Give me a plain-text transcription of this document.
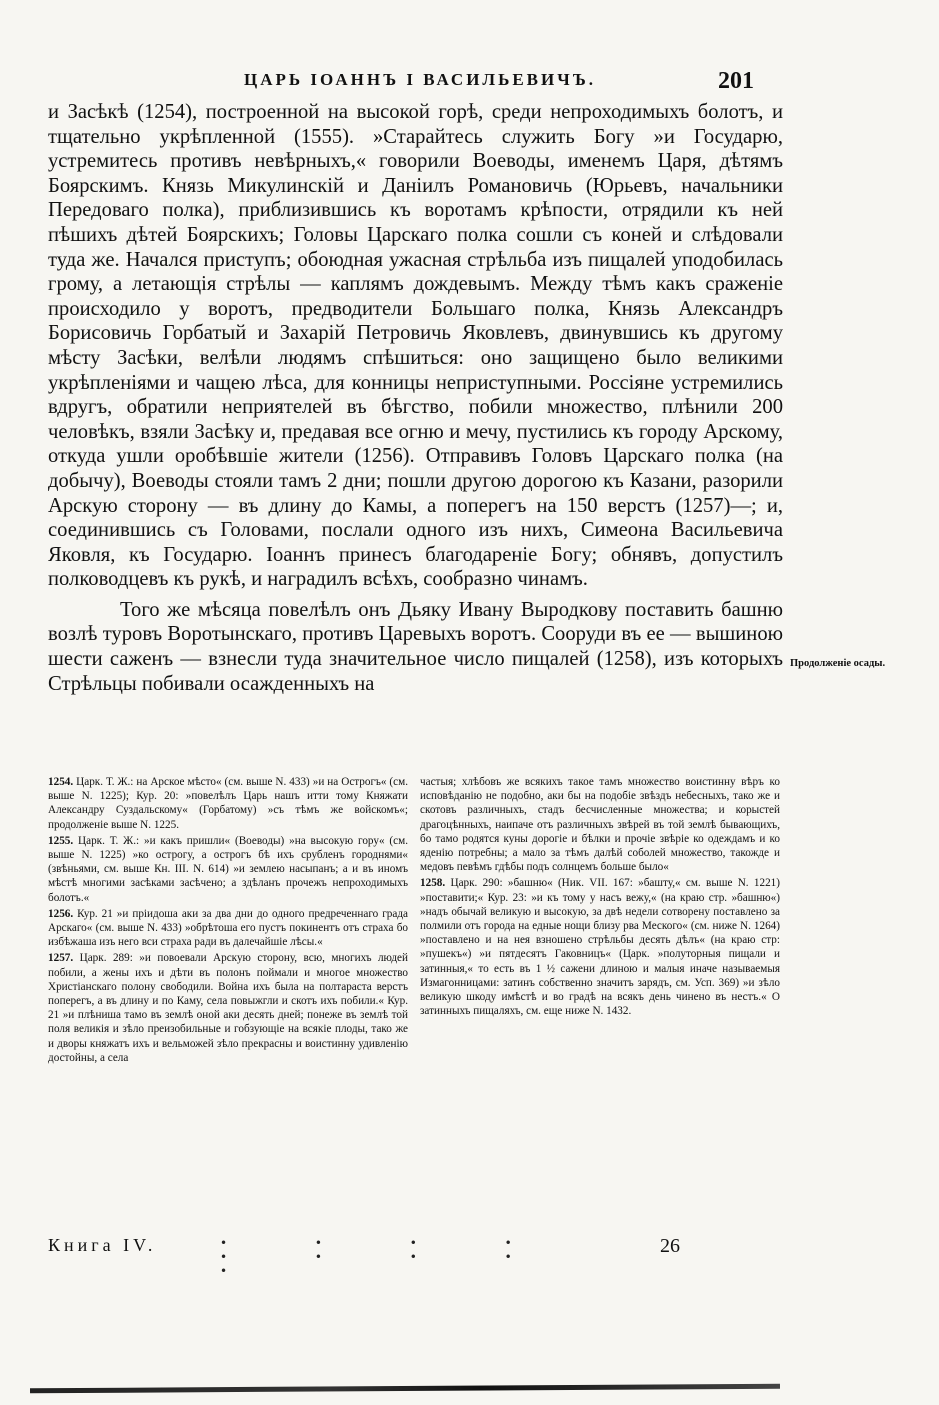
ЦАРЬ ІОАННЪ І ВАСИЛЬЕВИЧЪ.	201

и Засѣкѣ (1254), построенной на высокой горѣ, среди непроходимыхъ болотъ, и тщательно укрѣпленной (1555). »Старайтесь служить Богу »и Государю, устремитесь противъ невѣрныхъ,« говорили Воеводы, именемъ Царя, дѣтямъ Боярскимъ. Князь Микулинскій и Даніилъ Романовичь (Юрьевъ, начальники Передоваго полка), приблизившись къ воротамъ крѣпости, отрядили къ ней пѣшихъ дѣтей Боярскихъ; Головы Царскаго полка сошли съ коней и слѣдовали туда же. Начался приступъ; обоюдная ужасная стрѣльба изъ пищалей уподобилась грому, а летающія стрѣлы — каплямъ дождевымъ. Между тѣмъ какъ сраженіе происходило у воротъ, предводители Большаго полка, Князь Александръ Борисовичь Горбатый и Захарій Петровичь Яковлевъ, двинувшись къ другому мѣсту Засѣки, велѣли людямъ спѣшиться: оно защищено было великими укрѣпленіями и чащею лѣса, для конницы неприступными. Россіяне устремились вдругъ, обратили неприятелей въ бѣгство, побили множество, плѣнили 200 человѣкъ, взяли Засѣку и, предавая все огню и мечу, пустились къ городу Арскому, откуда ушли оробѣвшіе жители (1256). Отправивъ Головъ Царскаго полка (на добычу), Воеводы стояли тамъ 2 дни; пошли другою дорогою къ Казани, разорили Арскую сторону — въ длину до Камы, а поперегъ на 150 верстъ (1257)—; и, соединившись съ Головами, послали одного изъ нихъ, Симеона Васильевича Яковля, къ Государю. Іоаннъ принесъ благодареніе Богу; обнявъ, допустилъ полководцевъ къ рукѣ, и наградилъ всѣхъ, сообразно чинамъ.

Того же мѣсяца повелѣлъ онъ Дьяку Ивану Выродкову поставить башню возлѣ туровъ Воротынскаго, противъ Царевыхъ воротъ. Сооруди въ ее — вышиною шести саженъ — взнесли туда значительное число пищалей (1258), изъ которыхъ Стрѣльцы побивали осажденныхъ на

Продолженіе осады.

1254. Царк. Т. Ж.: на Арское мѣсто« (см. выше N. 433) »и на Острогъ« (см. выше N. 1225); Кур. 20: »повелѣлъ Царь нашъ итти тому Княжати Александру Суздальскому« (Горбатому) »съ тѣмъ же войскомъ«; продолженіе выше N. 1225.

1255. Царк. Т. Ж.: »и какъ пришли« (Воеводы) »на высокую гору« (см. выше N. 1225) »ко острогу, а острогъ бѣ ихъ срубленъ городнями« (звѣньями, см. выше Кн. III. N. 614) »и землею насыпанъ; а и въ иномъ мѣстѣ многими засѣками засѣчено; а здѣланъ прочежъ непроходимыхъ болотъ.«

1256. Кур. 21 »и пріидоша аки за два дни до одного предреченнаго града Арскаго« (см. выше N. 433) »обрѣтоша его пустъ покинентъ отъ страха бо избѣжаша изъ него вси страха ради въ далечайшіе лѣсы.«

1257. Царк. 289: »и повоевали Арскую сторону, всю, многихъ людей побили, а жены ихъ и дѣти въ полонъ поймали и многое множество Христіанскаго полону свободили. Война ихъ была на полтараста верстъ поперегъ, а въ длину и по Каму, села повыжгли и скотъ ихъ побили.« Кур. 21 »и плѣниша тамо въ землѣ оной аки десять дней; понеже въ землѣ той поля великія и зѣло преизобильные и гобзующіе на всякіе плоды, тако же и дворы княжатъ ихъ и вельможей зѣло прекрасны и воистинну удивленію достойны, а села

частыя; хлѣбовъ же всякихъ такое тамъ множество воистинну вѣръ ко исповѣданію не подобно, аки бы на подобіе звѣздъ небесныхъ, тако же и скотовъ различныхъ, стадъ бесчисленные множества; и корыстей драгоцѣнныхъ, наипаче отъ различныхъ звѣрей въ той землѣ бывающихъ, бо тамо родятся куны дорогіе и бѣлки и прочіе звѣріе ко одеждамъ и ко яденію потребны; а мало за тѣмъ далѣй соболей множество, такожде и медовъ певѣмъ гдѣбы подъ солнцемъ больше было«

1258. Царк. 290: »башню« (Ник. VII. 167: »башту,« см. выше N. 1221) »поставити;« Кур. 23: »и къ тому у насъ вежу,« (на краю стр. »башню«) »надъ обычай великую и высокую, за двѣ недели сотворену поставлено за полмили отъ города на едные нощи близу рва Меского« (см. ниже N. 1264) »поставлено и на нея взношено стрѣльбы десять дѣлъ« (на краю стр: »пушекъ«) »и пятдесятъ Гаковницъ« (Царк. »полуторныя пищали и затинныя,« то есть въ 1 ½ сажени длиною и малыя иначе называемыя Измагонницами: затинъ собственно значитъ зарядъ, см. Усп. 369) »и зѣло великую шкоду имѣстѣ и во градѣ на всякъ день чинено въ нестъ.« О затинныхъ пищаляхъ, см. еще ниже N. 1432.

Книга IV.	• • • • • • • • •
26
